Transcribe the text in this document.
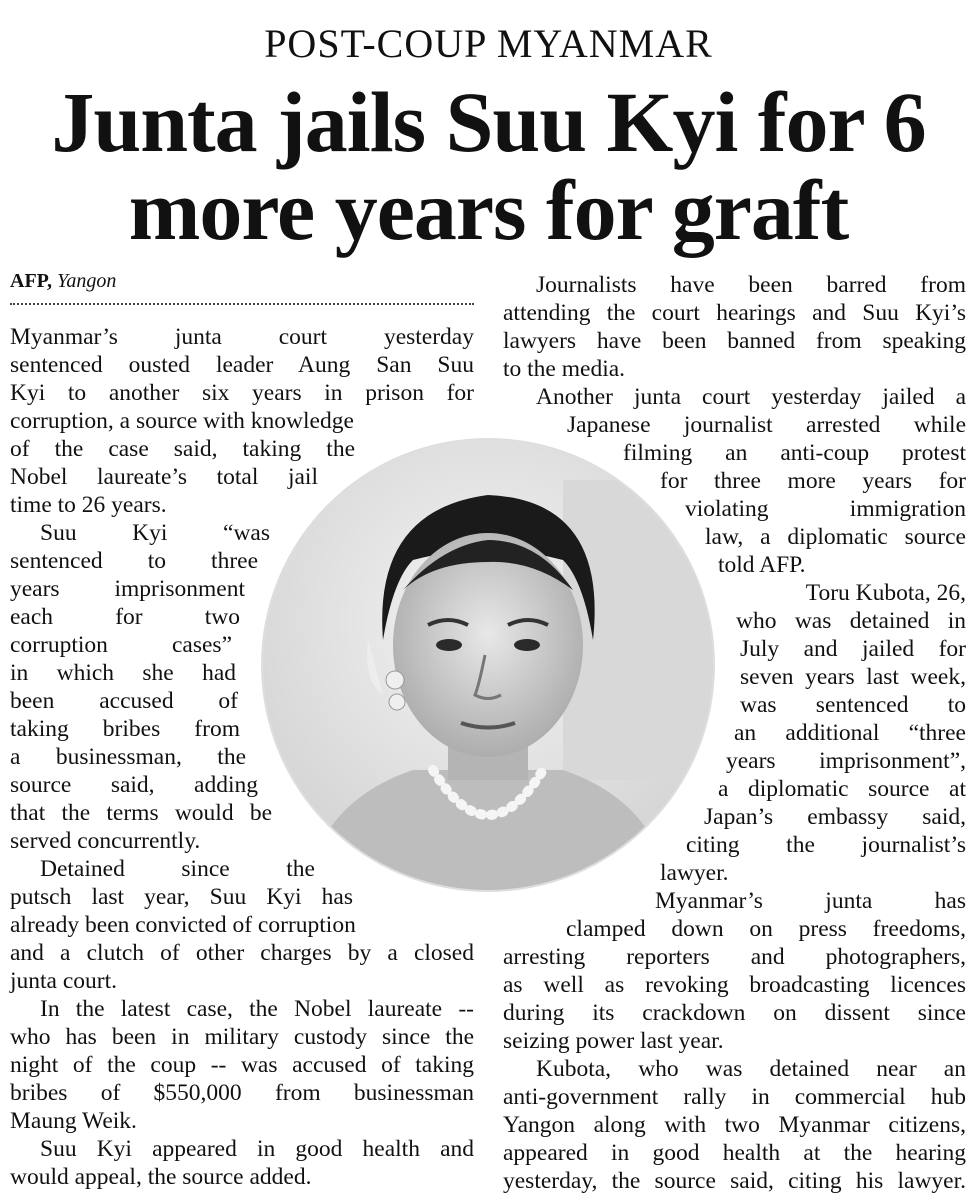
POST-COUP MYANMAR
Junta jails Suu Kyi for 6
more years for graft
AFP, Yangon
Myanmar’s junta court yesterday
sentenced ousted leader Aung San Suu
Kyi to another six years in prison for
corruption, a source with knowledge
of the case said, taking the
Nobel laureate’s total jail
time to 26 years.
Suu Kyi “was
sentenced to three
years imprisonment
each for two
corruption cases”
in which she had
been accused of
taking bribes from
a businessman, the
source said, adding
that the terms would be
served concurrently.
Detained since the
putsch last year, Suu Kyi has
already been convicted of corruption
and a clutch of other charges by a closed
junta court.
In the latest case, the Nobel laureate --
who has been in military custody since the
night of the coup -- was accused of taking
bribes of $550,000 from businessman
Maung Weik.
Suu Kyi appeared in good health and
would appeal, the source added.
Journalists have been barred from
attending the court hearings and Suu Kyi’s
lawyers have been banned from speaking
to the media.
Another junta court yesterday jailed a
Japanese journalist arrested while
filming an anti-coup protest
for three more years for
violating immigration
law, a diplomatic source
told AFP.
Toru Kubota, 26,
who was detained in
July and jailed for
seven years last week,
was sentenced to
an additional “three
years imprisonment”,
a diplomatic source at
Japan’s embassy said,
citing the journalist’s
lawyer.
Myanmar’s junta has
clamped down on press freedoms,
arresting reporters and photographers,
as well as revoking broadcasting licences
during its crackdown on dissent since
seizing power last year.
Kubota, who was detained near an
anti-government rally in commercial hub
Yangon along with two Myanmar citizens,
appeared in good health at the hearing
yesterday, the source said, citing his lawyer.
